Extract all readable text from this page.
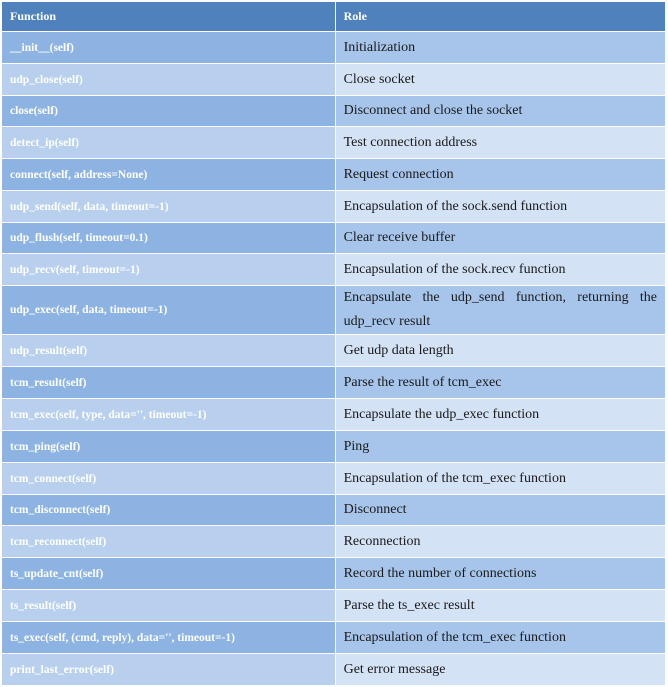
Function	Role
__init__(self)	Initialization
udp_close(self)	Close socket
close(self)	Disconnect and close the socket
detect_ip(self)	Test connection address
connect(self, address=None)	Request connection
udp_send(self, data, timeout=-1)	Encapsulation of the sock.send function
udp_flush(self, timeout=0.1)	Clear receive buffer
udp_recv(self, timeout=-1)	Encapsulation of the sock.recv function
udp_exec(self, data, timeout=-1)	Encapsulate the udp_send function, returning the udp_recv result
udp_result(self)	Get udp data length
tcm_result(self)	Parse the result of tcm_exec
tcm_exec(self, type, data='', timeout=-1)	Encapsulate the udp_exec function
tcm_ping(self)	Ping
tcm_connect(self)	Encapsulation of the tcm_exec function
tcm_disconnect(self)	Disconnect
tcm_reconnect(self)	Reconnection
ts_update_cnt(self)	Record the number of connections
ts_result(self)	Parse the ts_exec result
ts_exec(self, (cmd, reply), data='', timeout=-1)	Encapsulation of the tcm_exec function
print_last_error(self)	Get error message
